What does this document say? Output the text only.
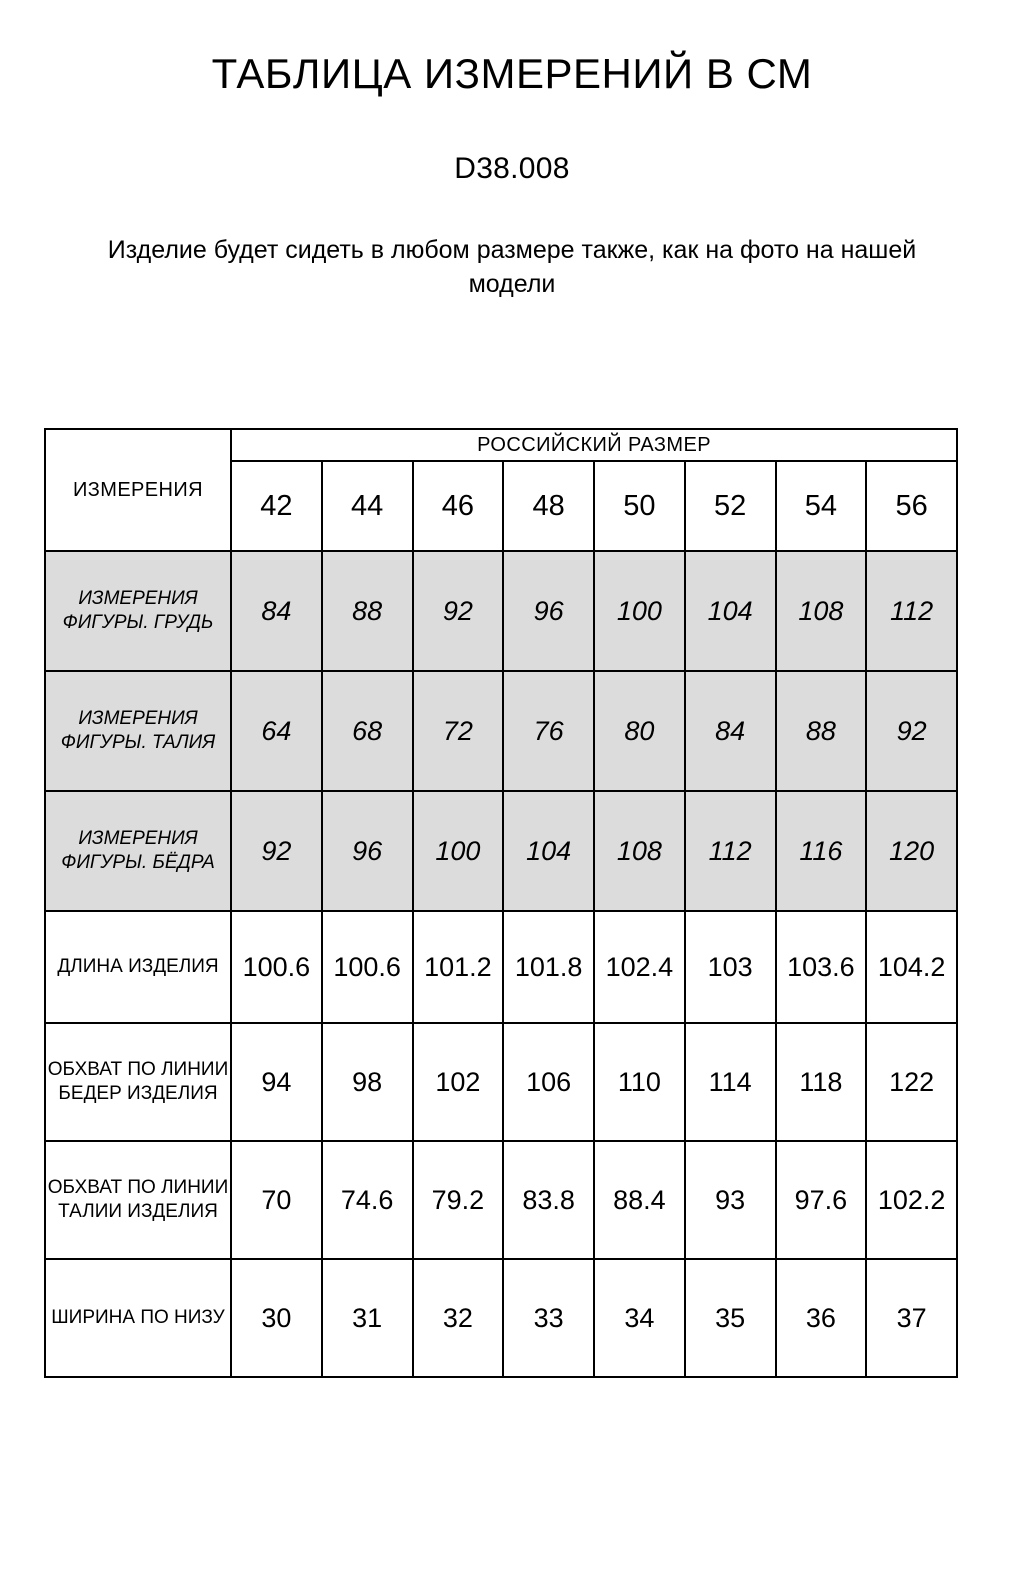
ТАБЛИЦА ИЗМЕРЕНИЙ В СМ

D38.008

Изделие будет сидеть в любом размере также, как на фото на нашей модели

ИЗМЕРЕНИЯ	РОССИЙСКИЙ РАЗМЕР							
	42	44	46	48	50	52	54	56
ИЗМЕРЕНИЯ ФИГУРЫ. ГРУДЬ	84	88	92	96	100	104	108	112
ИЗМЕРЕНИЯ ФИГУРЫ. ТАЛИЯ	64	68	72	76	80	84	88	92
ИЗМЕРЕНИЯ ФИГУРЫ. БЁДРА	92	96	100	104	108	112	116	120
ДЛИНА ИЗДЕЛИЯ	100.6	100.6	101.2	101.8	102.4	103	103.6	104.2
ОБХВАТ ПО ЛИНИИ БЕДЕР ИЗДЕЛИЯ	94	98	102	106	110	114	118	122
ОБХВАТ ПО ЛИНИИ ТАЛИИ ИЗДЕЛИЯ	70	74.6	79.2	83.8	88.4	93	97.6	102.2
ШИРИНА ПО НИЗУ	30	31	32	33	34	35	36	37
